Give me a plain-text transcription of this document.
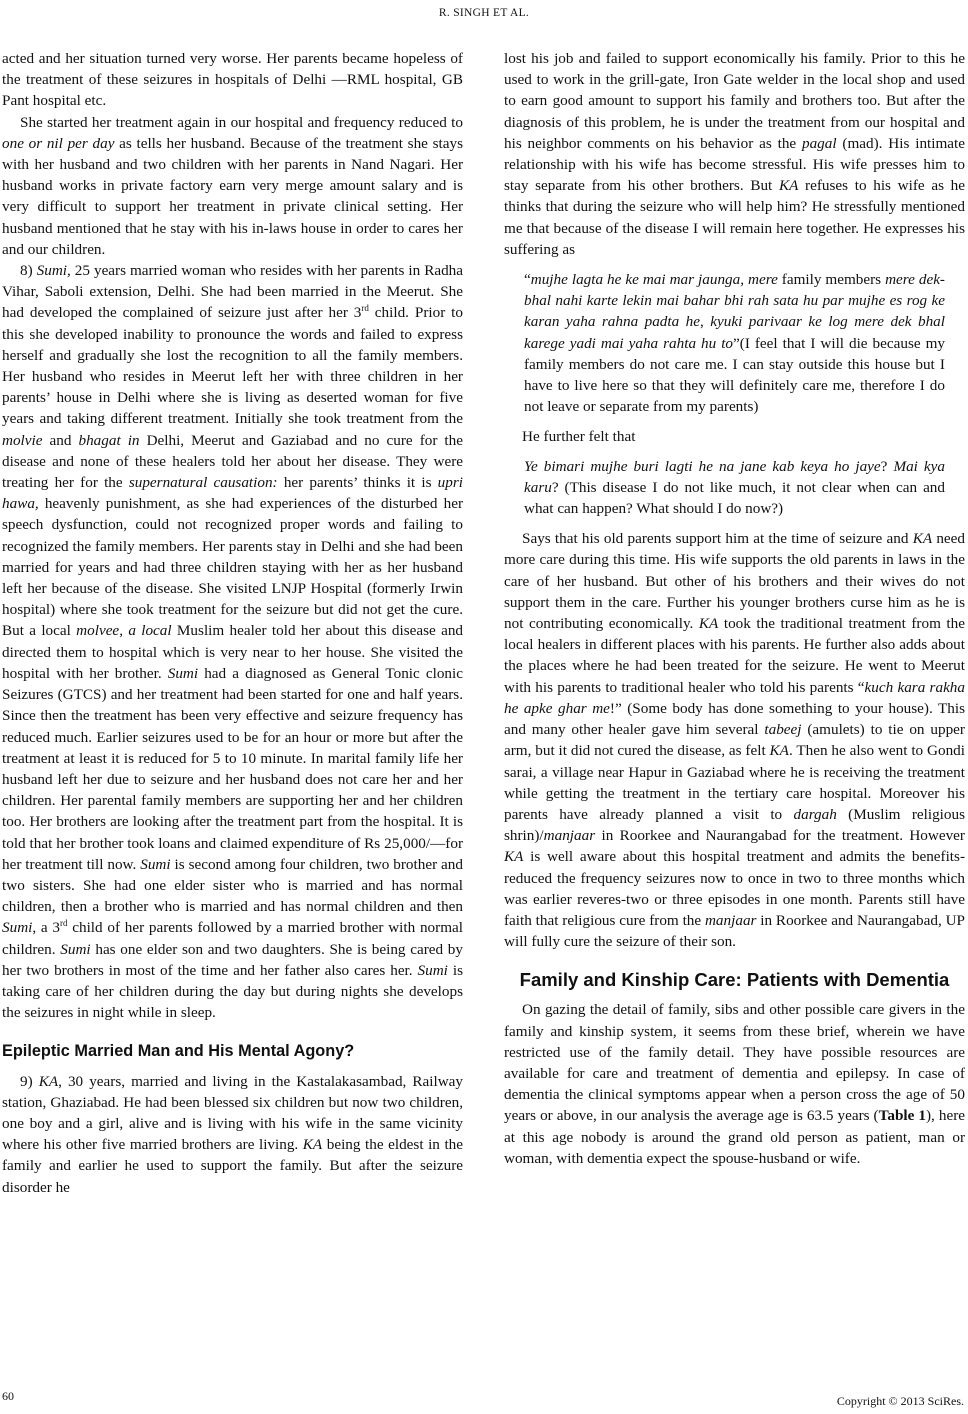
R. SINGH ET AL.

acted and her situation turned very worse. Her parents became hopeless of the treatment of these seizures in hospitals of Delhi —RML hospital, GB Pant hospital etc.

She started her treatment again in our hospital and frequency reduced to one or nil per day as tells her husband. Because of the treatment she stays with her husband and two children with her parents in Nand Nagari. Her husband works in private factory earn very merge amount salary and is very difficult to support her treatment in private clinical setting. Her husband mentioned that he stay with his in-laws house in order to cares her and our children.

8) Sumi, 25 years married woman who resides with her parents in Radha Vihar, Saboli extension, Delhi. She had been married in the Meerut. She had developed the complained of seizure just after her 3rd child. Prior to this she developed inability to pronounce the words and failed to express herself and gradually she lost the recognition to all the family members. Her husband who resides in Meerut left her with three children in her parents’ house in Delhi where she is living as deserted woman for five years and taking different treatment. Initially she took treatment from the molvie and bhagat in Delhi, Meerut and Gaziabad and no cure for the disease and none of these healers told her about her disease. They were treating her for the supernatural causation: her parents’ thinks it is upri hawa, heavenly punishment, as she had experiences of the disturbed her speech dysfunction, could not recognized proper words and failing to recognized the family members. Her parents stay in Delhi and she had been married for years and had three children staying with her as her husband left her because of the disease. She visited LNJP Hospital (formerly Irwin hospital) where she took treatment for the seizure but did not get the cure. But a local molvee, a local Muslim healer told her about this disease and directed them to hospital which is very near to her house. She visited the hospital with her brother. Sumi had a diagnosed as General Tonic clonic Seizures (GTCS) and her treatment had been started for one and half years. Since then the treatment has been very effective and seizure frequency has reduced much. Earlier seizures used to be for an hour or more but after the treatment at least it is reduced for 5 to 10 minute. In marital family life her husband left her due to seizure and her husband does not care her and her children. Her parental family members are supporting her and her children too. Her brothers are looking after the treatment part from the hospital. It is told that her brother took loans and claimed expenditure of Rs 25,000/—for her treatment till now. Sumi is second among four children, two brother and two sisters. She had one elder sister who is married and has normal children, then a brother who is married and has normal children and then Sumi, a 3rd child of her parents followed by a married brother with normal children. Sumi has one elder son and two daughters. She is being cared by her two brothers in most of the time and her father also cares her. Sumi is taking care of her children during the day but during nights she develops the seizures in night while in sleep.

Epileptic Married Man and His Mental Agony?

9) KA, 30 years, married and living in the Kastalakasambad, Railway station, Ghaziabad. He had been blessed six children but now two children, one boy and a girl, alive and is living with his wife in the same vicinity where his other five married brothers are living. KA being the eldest in the family and earlier he used to support the family. But after the seizure disorder he

lost his job and failed to support economically his family. Prior to this he used to work in the grill-gate, Iron Gate welder in the local shop and used to earn good amount to support his family and brothers too. But after the diagnosis of this problem, he is under the treatment from our hospital and his neighbor comments on his behavior as the pagal (mad). His intimate relationship with his wife has become stressful. His wife presses him to stay separate from his other brothers. But KA refuses to his wife as he thinks that during the seizure who will help him? He stressfully mentioned me that because of the disease I will remain here together. He expresses his suffering as

“mujhe lagta he ke mai mar jaunga, mere family members mere dek-bhal nahi karte lekin mai bahar bhi rah sata hu par mujhe es rog ke karan yaha rahna padta he, kyuki parivaar ke log mere dek bhal karege yadi mai yaha rahta hu to”(I feel that I will die because my family members do not care me. I can stay outside this house but I have to live here so that they will definitely care me, therefore I do not leave or separate from my parents)
He further felt that
Ye bimari mujhe buri lagti he na jane kab keya ho jaye? Mai kya karu? (This disease I do not like much, it not clear when can and what can happen? What should I do now?)

Says that his old parents support him at the time of seizure and KA need more care during this time. His wife supports the old parents in laws in the care of her husband. But other of his brothers and their wives do not support them in the care. Further his younger brothers curse him as he is not contributing economically. KA took the traditional treatment from the local healers in different places with his parents. He further also adds about the places where he had been treated for the seizure. He went to Meerut with his parents to traditional healer who told his parents “kuch kara rakha he apke ghar me!” (Some body has done something to your house). This and many other healer gave him several tabeej (amulets) to tie on upper arm, but it did not cured the disease, as felt KA. Then he also went to Gondi sarai, a village near Hapur in Gaziabad where he is receiving the treatment while getting the treatment in the tertiary care hospital. Moreover his parents have already planned a visit to dargah (Muslim religious shrin)/manjaar in Roorkee and Naurangabad for the treatment. However KA is well aware about this hospital treatment and admits the benefits-reduced the frequency seizures now to once in two to three months which was earlier reveres-two or three episodes in one month. Parents still have faith that religious cure from the manjaar in Roorkee and Naurangabad, UP will fully cure the seizure of their son.

Family and Kinship Care: Patients with Dementia

On gazing the detail of family, sibs and other possible care givers in the family and kinship system, it seems from these brief, wherein we have restricted use of the family detail. They have possible resources are available for care and treatment of dementia and epilepsy. In case of dementia the clinical symptoms appear when a person cross the age of 50 years or above, in our analysis the average age is 63.5 years (Table 1), here at this age nobody is around the grand old person as patient, man or woman, with dementia expect the spouse-husband or wife.

60	Copyright © 2013 SciRes.
